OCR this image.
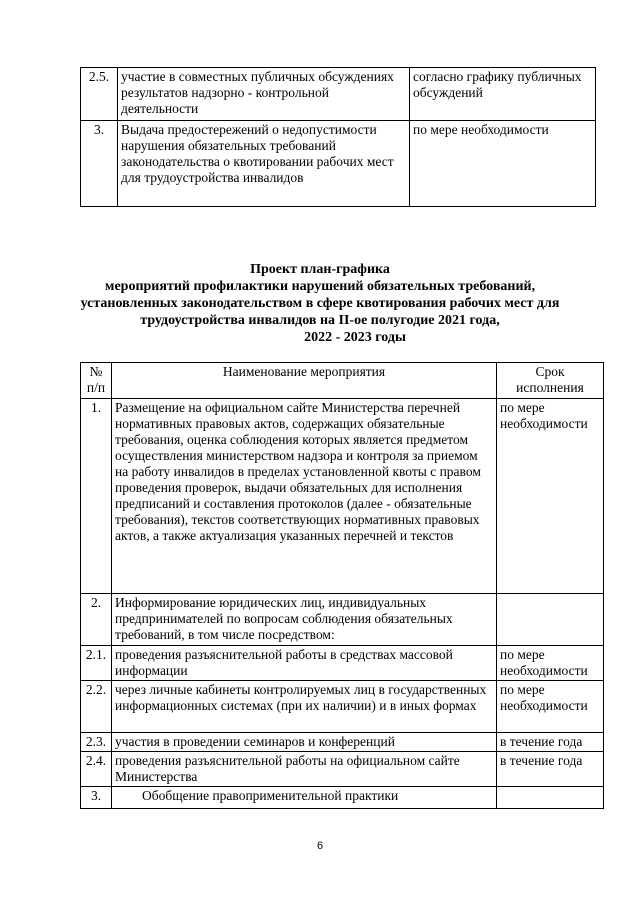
2.5.	участие в совместных публичных обсуждениях результатов надзорно - контрольной деятельности	согласно графику публичных обсуждений
3.	Выдача предостережений о недопустимости нарушения обязательных требований законодательства о квотировании рабочих мест для трудоустройства инвалидов	по мере необходимости
Проект план-графика
мероприятий профилактики нарушений обязательных требований,
установленных законодательством в сфере квотирования рабочих мест для
трудоустройства инвалидов на II-ое полугодие 2021 года,
2022 - 2023 годы
№ п/п	Наименование мероприятия	Срок исполнения
1.	Размещение на официальном сайте Министерства перечней нормативных правовых актов, содержащих обязательные требования, оценка соблюдения которых является предметом осуществления министерством надзора и контроля за приемом на работу инвалидов в пределах установленной квоты с правом проведения проверок, выдачи обязательных для исполнения предписаний и составления протоколов (далее - обязательные требования), текстов соответствующих нормативных правовых актов, а также актуализация указанных перечней и текстов	по мере необходимости
2.	Информирование юридических лиц, индивидуальных предпринимателей по вопросам соблюдения обязательных требований, в том числе посредством:	
2.1.	проведения разъяснительной работы в средствах массовой информации	по мере необходимости
2.2.	через личные кабинеты контролируемых лиц в государственных информационных системах (при их наличии) и в иных формах	по мере необходимости
2.3.	участия в проведении семинаров и конференций	в течение года
2.4.	проведения разъяснительной работы на официальном сайте Министерства	в течение года
3.	Обобщение правоприменительной практики	
6
